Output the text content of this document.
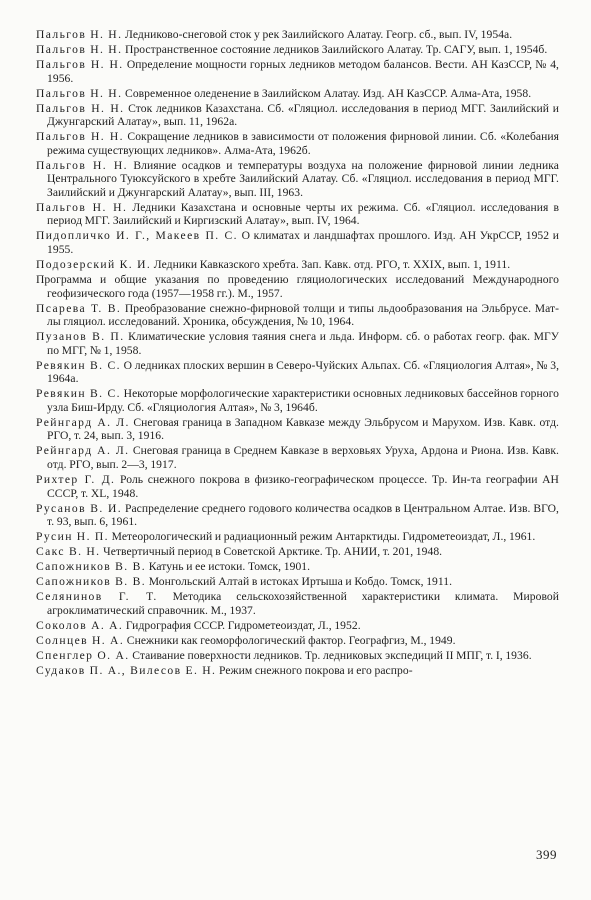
Пальгов Н. Н. Ледниково-снеговой сток у рек Заилийского Алатау. Геогр. сб., вып. IV, 1954а.

Пальгов Н. Н. Пространственное состояние ледников Заилийского Алатау. Тр. САГУ, вып. 1, 1954б.

Пальгов Н. Н. Определение мощности горных ледников методом балансов. Вести. АН КазССР, № 4, 1956.

Пальгов Н. Н. Современное оледенение в Заилийском Алатау. Изд. АН КазССР. Алма-Ата, 1958.

Пальгов Н. Н. Сток ледников Казахстана. Сб. «Гляциол. исследования в период МГГ. Заилийский и Джунгарский Алатау», вып. 11, 1962а.

Пальгов Н. Н. Сокращение ледников в зависимости от положения фирновой линии. Сб. «Колебания режима существующих ледников». Алма-Ата, 1962б.

Пальгов Н. Н. Влияние осадков и температуры воздуха на положение фирновой линии ледника Центрального Туюксуйского в хребте Заилийский Алатау. Сб. «Гляциол. исследования в период МГГ. Заилийский и Джунгарский Алатау», вып. III, 1963.

Пальгов Н. Н. Ледники Казахстана и основные черты их режима. Сб. «Гляциол. исследования в период МГГ. Заилийский и Киргизский Алатау», вып. IV, 1964.

Пидопличко И. Г., Макеев П. С. О климатах и ландшафтах прошлого. Изд. АН УкрССР, 1952 и 1955.

Подозерский К. И. Ледники Кавказского хребта. Зап. Кавк. отд. РГО, т. XXIX, вып. 1, 1911.

Программа и общие указания по проведению гляциологических исследований Международного геофизического года (1957—1958 гг.). М., 1957.

Псарева Т. В. Преобразование снежно-фирновой толщи и типы льдообразования на Эльбрусе. Мат-лы гляциол. исследований. Хроника, обсуждения, № 10, 1964.

Пузанов В. П. Климатические условия таяния снега и льда. Информ. сб. о работах геогр. фак. МГУ по МГГ, № 1, 1958.

Ревякин В. С. О ледниках плоских вершин в Северо-Чуйских Альпах. Сб. «Гляциология Алтая», № 3, 1964а.

Ревякин В. С. Некоторые морфологические характеристики основных ледниковых бассейнов горного узла Биш-Ирду. Сб. «Гляциология Алтая», № 3, 1964б.

Рейнгард А. Л. Снеговая граница в Западном Кавказе между Эльбрусом и Марухом. Изв. Кавк. отд. РГО, т. 24, вып. 3, 1916.

Рейнгард А. Л. Снеговая граница в Среднем Кавказе в верховьях Уруха, Ардона и Риона. Изв. Кавк. отд. РГО, вып. 2—3, 1917.

Рихтер Г. Д. Роль снежного покрова в физико-географическом процессе. Тр. Ин-та географии АН СССР, т. XL, 1948.

Русанов В. И. Распределение среднего годового количества осадков в Центральном Алтае. Изв. ВГО, т. 93, вып. 6, 1961.

Русин Н. П. Метеорологический и радиационный режим Антарктиды. Гидрометеоиздат, Л., 1961.

Сакс В. Н. Четвертичный период в Советской Арктике. Тр. АНИИ, т. 201, 1948.

Сапожников В. В. Катунь и ее истоки. Томск, 1901.

Сапожников В. В. Монгольский Алтай в истоках Иртыша и Кобдо. Томск, 1911.

Селянинов Г. Т. Методика сельскохозяйственной характеристики климата. Мировой агроклиматический справочник. М., 1937.

Соколов А. А. Гидрография СССР. Гидрометеоиздат, Л., 1952.

Солнцев Н. А. Снежники как геоморфологический фактор. Географгиз, М., 1949.

Спенглер О. А. Стаивание поверхности ледников. Тр. ледниковых экспедиций II МПГ, т. I, 1936.

Судаков П. А., Вилесов Е. Н. Режим снежного покрова и его распро-

399
